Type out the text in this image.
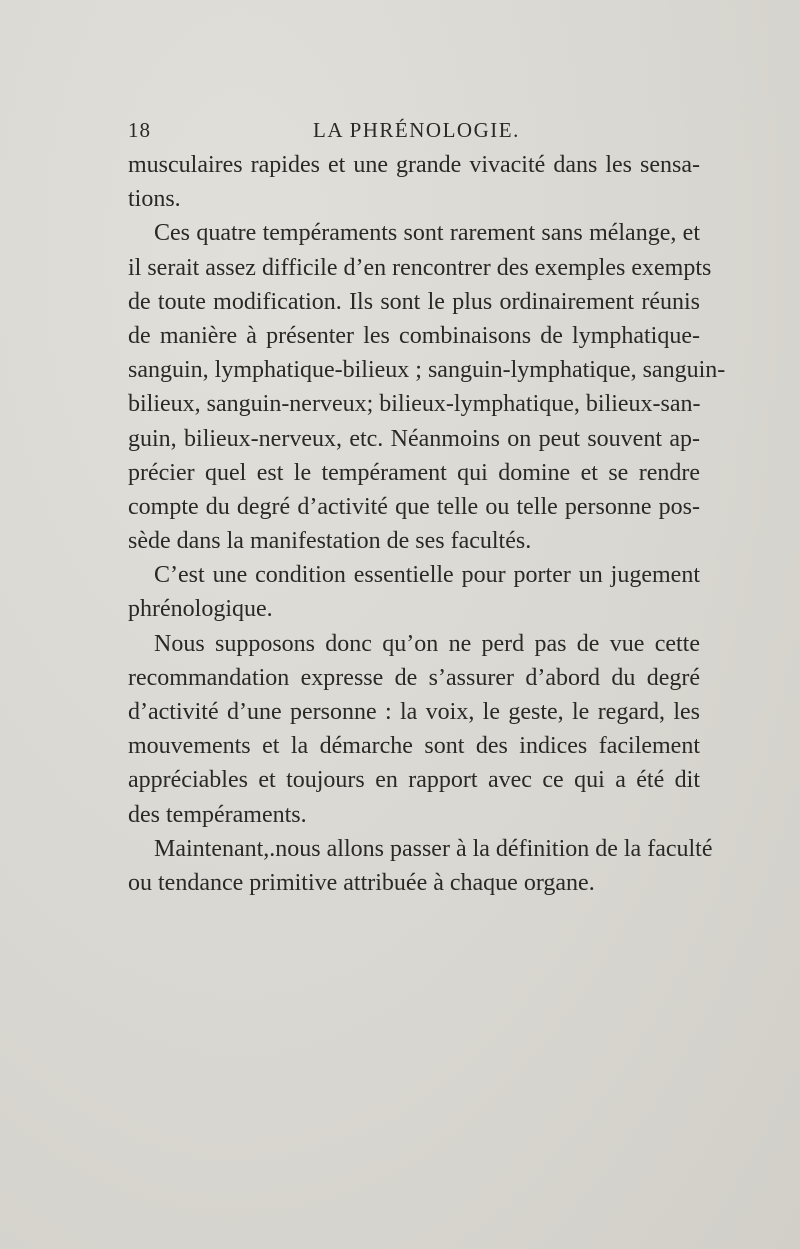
18	LA PHRÉNOLOGIE.
musculaires rapides et une grande vivacité dans les sensa-
tions.
Ces quatre tempéraments sont rarement sans mélange, et
il serait assez difficile d’en rencontrer des exemples exempts
de toute modification. Ils sont le plus ordinairement réunis
de manière à présenter les combinaisons de lymphatique-
sanguin, lymphatique-bilieux ; sanguin-lymphatique, sanguin-
bilieux, sanguin-nerveux; bilieux-lymphatique, bilieux-san-
guin, bilieux-nerveux, etc. Néanmoins on peut souvent ap-
précier quel est le tempérament qui domine et se rendre
compte du degré d’activité que telle ou telle personne pos-
sède dans la manifestation de ses facultés.
C’est une condition essentielle pour porter un jugement
phrénologique.
Nous supposons donc qu’on ne perd pas de vue cette
recommandation expresse de s’assurer d’abord du degré
d’activité d’une personne : la voix, le geste, le regard, les
mouvements et la démarche sont des indices facilement
appréciables et toujours en rapport avec ce qui a été dit
des tempéraments.
Maintenant,.nous allons passer à la définition de la faculté
ou tendance primitive attribuée à chaque organe.
